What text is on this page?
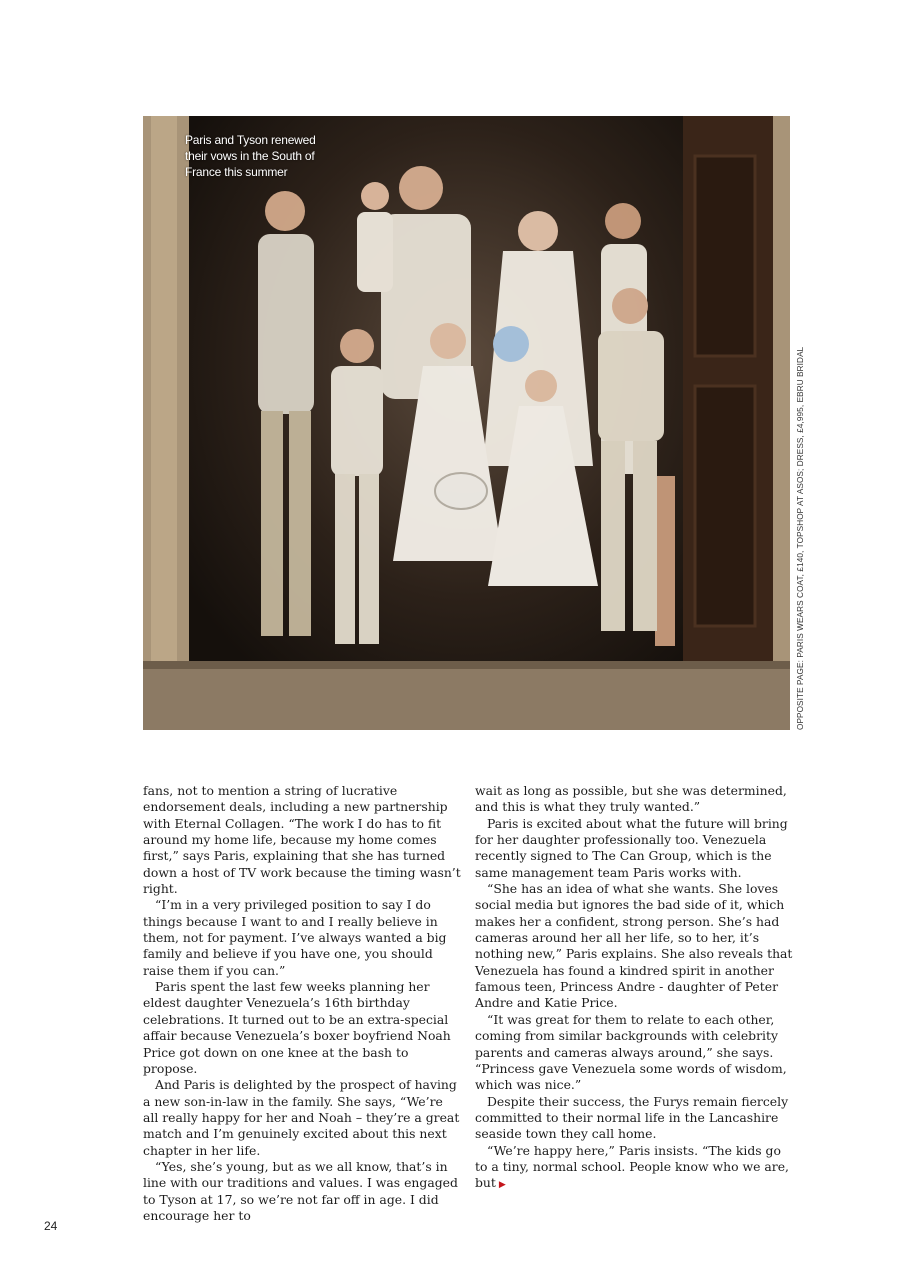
Paris and Tyson renewed their vows in the South of France this summer
OPPOSITE PAGE: PARIS WEARS COAT, £140, TOPSHOP AT ASOS; DRESS, £4,995, EBRU BRIDAL

fans, not to mention a string of lucrative endorsement deals, including a new partnership with Eternal Collagen. “The work I do has to fit around my home life, because my home comes first,” says Paris, explaining that she has turned down a host of TV work because the timing wasn’t right.

“I’m in a very privileged position to say I do things because I want to and I really believe in them, not for payment. I’ve always wanted a big family and believe if you have one, you should raise them if you can.”

Paris spent the last few weeks planning her eldest daughter Venezuela’s 16th birthday celebrations. It turned out to be an extra-special affair because Venezuela’s boxer boyfriend Noah Price got down on one knee at the bash to propose.

And Paris is delighted by the prospect of having a new son-in-law in the family. She says, “We’re all really happy for her and Noah – they’re a great match and I’m genuinely excited about this next chapter in her life.

“Yes, she’s young, but as we all know, that’s in line with our traditions and values. I was engaged to Tyson at 17, so we’re not far off in age. I did encourage her to

wait as long as possible, but she was determined, and this is what they truly wanted.”

Paris is excited about what the future will bring for her daughter professionally too. Venezuela recently signed to The Can Group, which is the same management team Paris works with.

“She has an idea of what she wants. She loves social media but ignores the bad side of it, which makes her a confident, strong person. She’s had cameras around her all her life, so to her, it’s nothing new,” Paris explains. She also reveals that Venezuela has found a kindred spirit in another famous teen, Princess Andre - daughter of Peter Andre and Katie Price.

“It was great for them to relate to each other, coming from similar backgrounds with celebrity parents and cameras always around,” she says. “Princess gave Venezuela some words of wisdom, which was nice.”

Despite their success, the Furys remain fiercely committed to their normal life in the Lancashire seaside town they call home.

“We’re happy here,” Paris insists. “The kids go to a tiny, normal school. People know who we are, but ▶

24
